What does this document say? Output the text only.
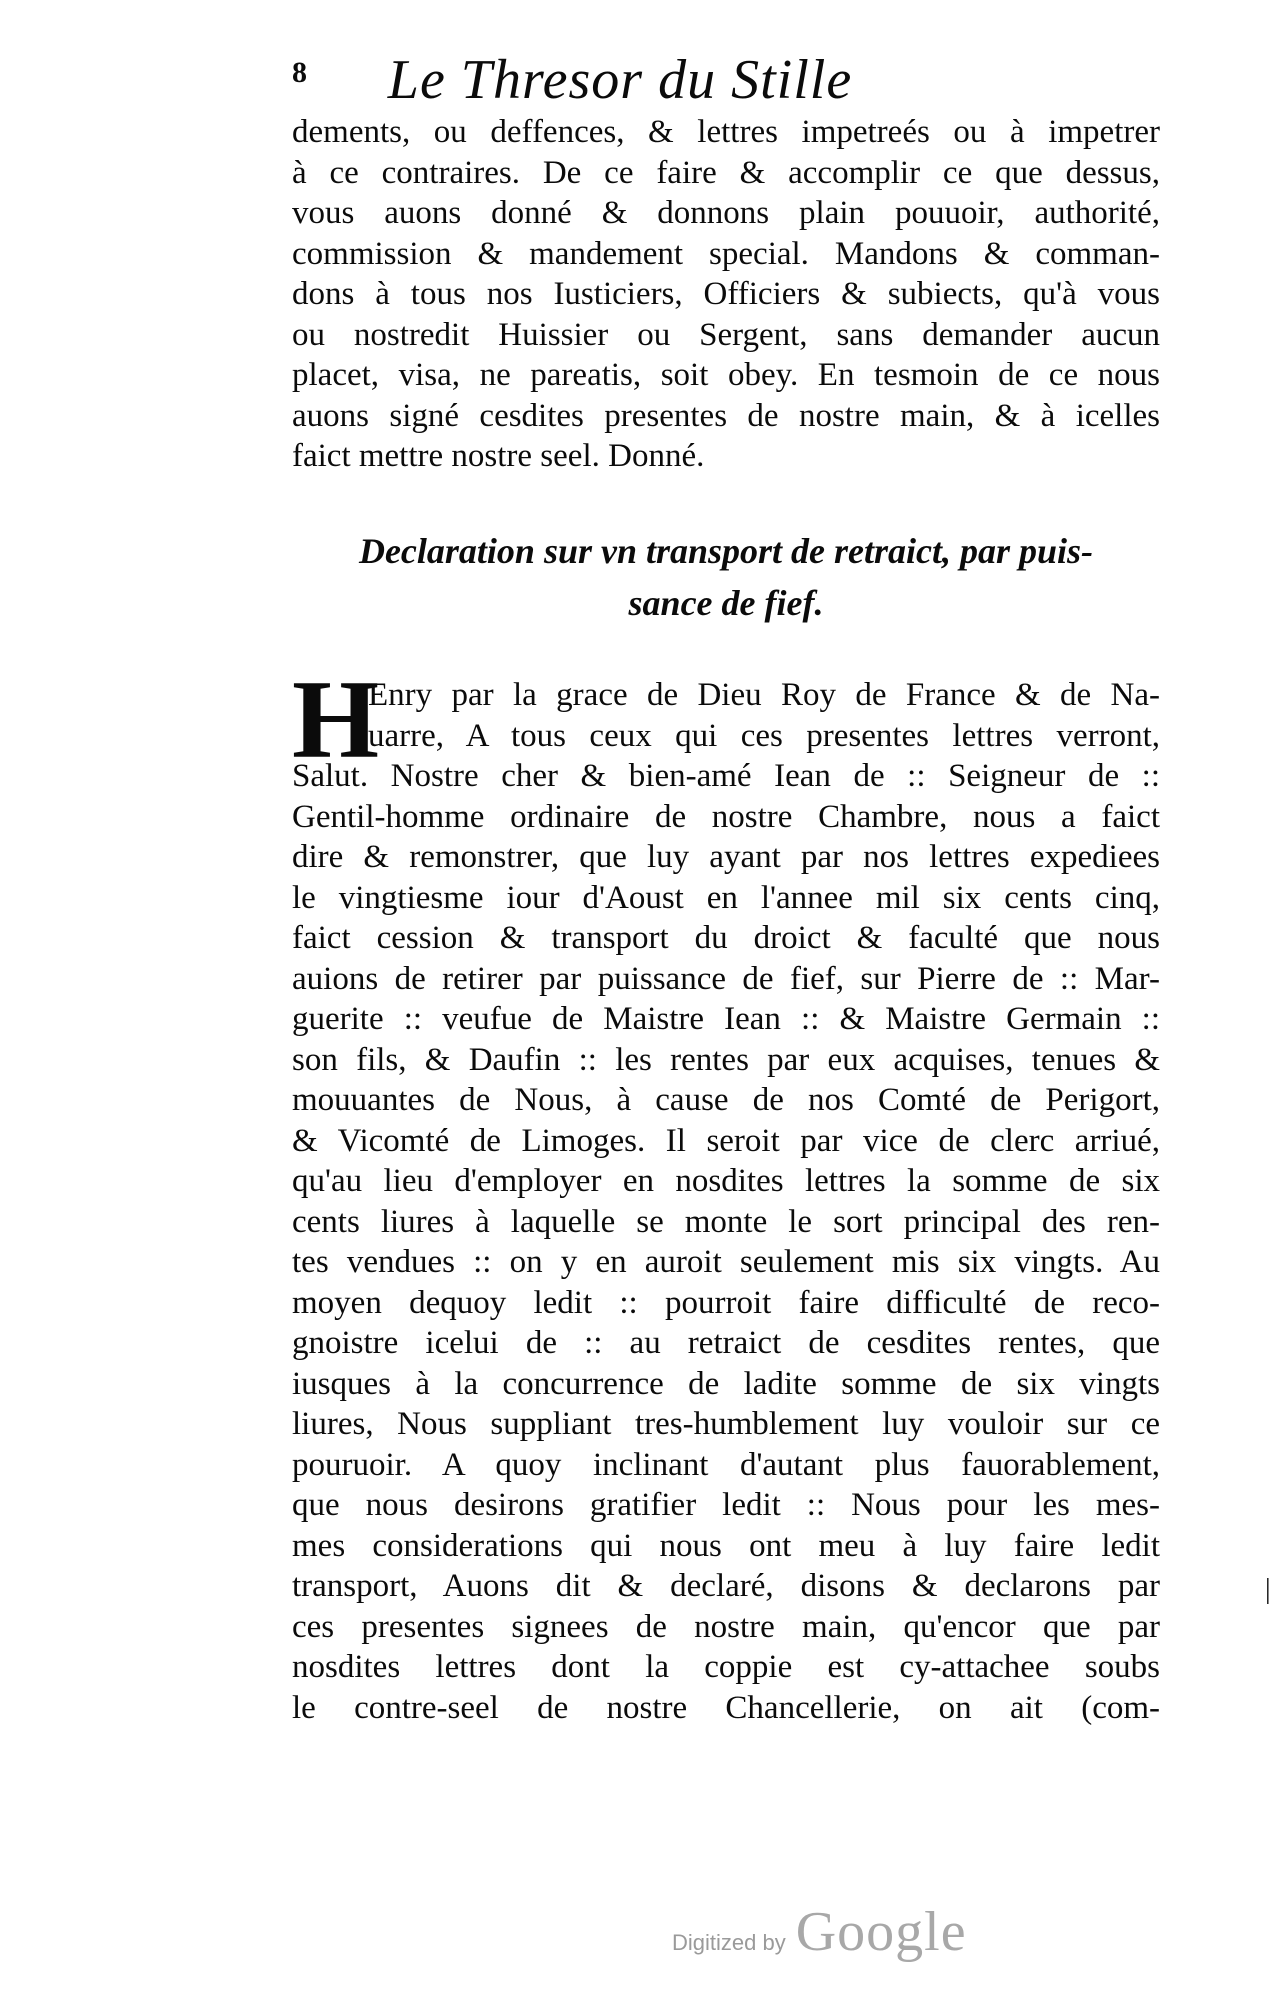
8	Le Thresor du Stille
dements, ou deffences, & lettres impetreés ou à impetrer
à ce contraires. De ce faire & accomplir ce que dessus,
vous auons donné & donnons plain pouuoir, authorité,
commission & mandement special. Mandons & comman-
dons à tous nos Iusticiers, Officiers & subiects, qu'à vous
ou nostredit Huissier ou Sergent, sans demander aucun
placet, visa, ne pareatis, soit obey. En tesmoin de ce nous
auons signé cesdites presentes de nostre main, & à icelles
faict mettre nostre seel. Donné.
Declaration sur vn transport de retraict, par puis-
sance de fief.
H
Enry par la grace de Dieu Roy de France & de Na-
uarre, A tous ceux qui ces presentes lettres verront,
Salut. Nostre cher & bien-amé Iean de :: Seigneur de ::
Gentil-homme ordinaire de nostre Chambre, nous a faict
dire & remonstrer, que luy ayant par nos lettres expediees
le vingtiesme iour d'Aoust en l'annee mil six cents cinq,
faict cession & transport du droict & faculté que nous
auions de retirer par puissance de fief, sur Pierre de :: Mar-
guerite :: veufue de Maistre Iean :: & Maistre Germain ::
son fils, & Daufin :: les rentes par eux acquises, tenues &
mouuantes de Nous, à cause de nos Comté de Perigort,
& Vicomté de Limoges. Il seroit par vice de clerc arriué,
qu'au lieu d'employer en nosdites lettres la somme de six
cents liures à laquelle se monte le sort principal des ren-
tes vendues :: on y en auroit seulement mis six vingts. Au
moyen dequoy ledit :: pourroit faire difficulté de reco-
gnoistre icelui de :: au retraict de cesdites rentes, que
iusques à la concurrence de ladite somme de six vingts
liures, Nous suppliant tres-humblement luy vouloir sur ce
pouruoir. A quoy inclinant d'autant plus fauorablement,
que nous desirons gratifier ledit :: Nous pour les mes-
mes considerations qui nous ont meu à luy faire ledit
transport, Auons dit & declaré, disons & declarons par
ces presentes signees de nostre main, qu'encor que par
nosdites lettres dont la coppie est cy-attachee soubs
le contre-seel de nostre Chancellerie, on ait (com-
|
Digitized by Google
